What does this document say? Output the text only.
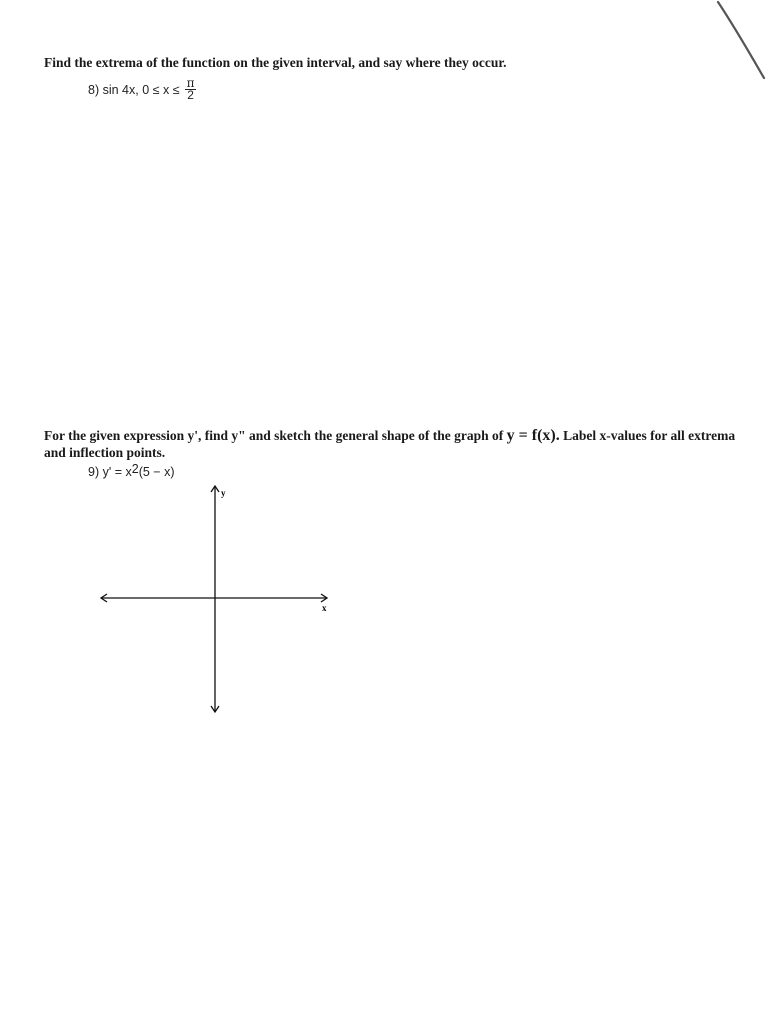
Find the extrema of the function on the given interval, and say where they occur.
8) sin 4x, $0 \le x \le \frac{\pi}{2}$
For the given expression y', find y" and sketch the general shape of the graph of y = f(x). Label x-values for all extrema and inflection points.
9) y' = x2(5 − x)
x
y
